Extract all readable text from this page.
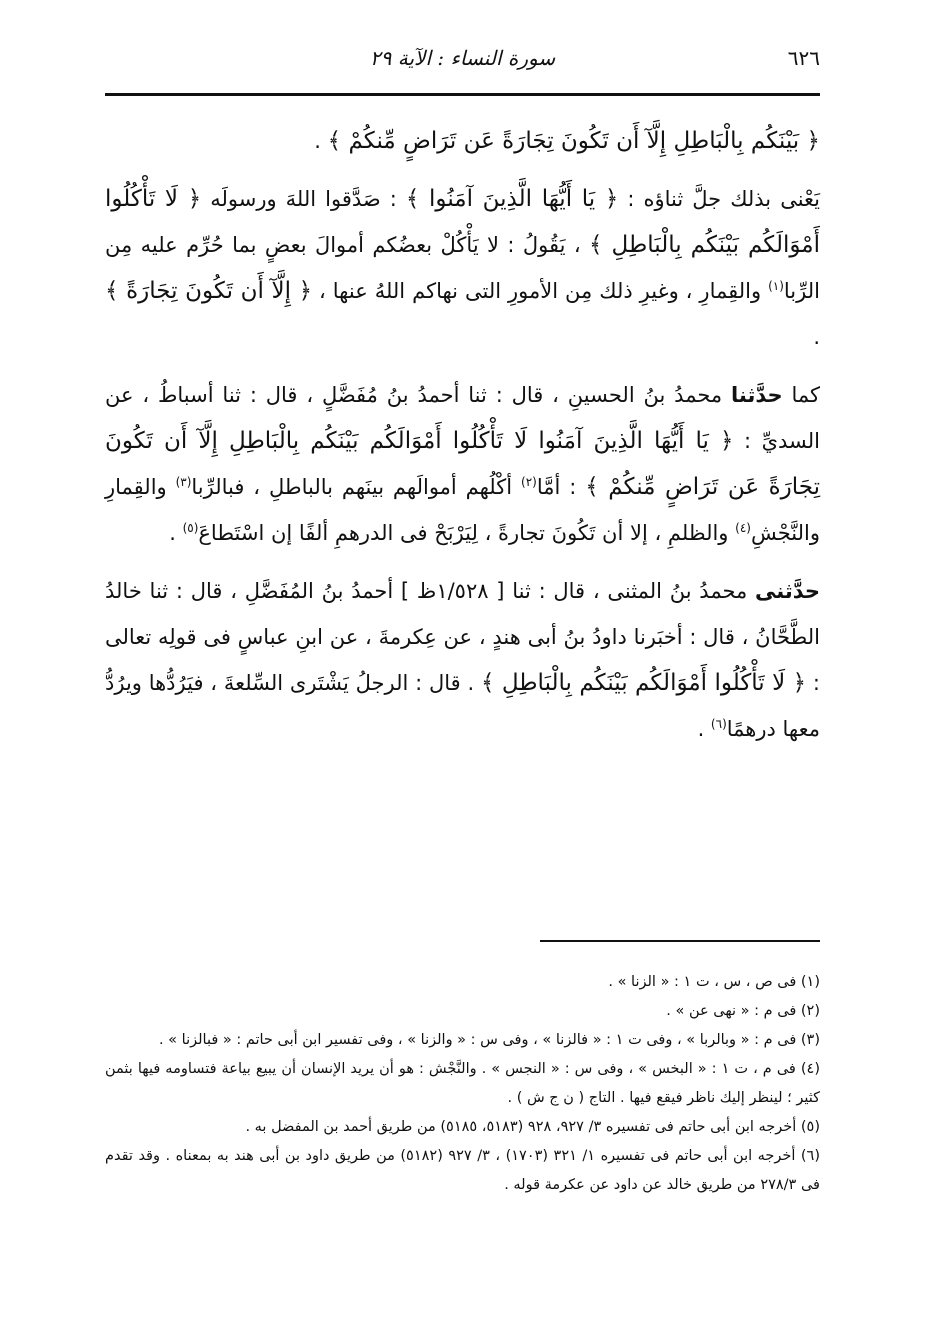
٦٢٦
سورة النساء : الآية ٢٩

﴿ بَيْنَكُم بِالْبَاطِلِ إِلَّآ أَن تَكُونَ تِجَارَةً عَن تَرَاضٍ مِّنكُمْ ﴾ .

يَعْنى بذلك جلَّ ثناؤه : ﴿ يَا أَيُّهَا الَّذِينَ آمَنُوا ﴾ : صَدَّقوا اللهَ ورسولَه ﴿ لَا تَأْكُلُوا أَمْوَالَكُم بَيْنَكُم بِالْبَاطِلِ ﴾ ، يَقُولُ : لا يَأْكُلْ بعضُكم أموالَ بعضٍ بما حُرِّم عليه مِن الرِّبا$^{(١)}$ والقِمارِ ، وغيرِ ذلك مِن الأمورِ التى نهاكم اللهُ عنها ، ﴿ إِلَّآ أَن تَكُونَ تِجَارَةً ﴾ .

كما حدَّثنا محمدُ بنُ الحسينِ ، قال : ثنا أحمدُ بنُ مُفَضَّلٍ ، قال : ثنا أسباطُ ، عن السديِّ : ﴿ يَا أَيُّهَا الَّذِينَ آمَنُوا لَا تَأْكُلُوا أَمْوَالَكُم بَيْنَكُم بِالْبَاطِلِ إِلَّآ أَن تَكُونَ تِجَارَةً عَن تَرَاضٍ مِّنكُمْ ﴾ : أمَّا$^{(٢)}$ أكْلُهم أموالَهم بينَهم بالباطلِ ، فبالرِّبا$^{(٣)}$ والقِمارِ والنَّجْشِ$^{(٤)}$ والظلمِ ، إلا أن تَكُونَ تجارةً ، لِيَرْبَحْ فى الدرهمِ ألفًا إن اسْتَطاعَ$^{(٥)}$ .

حدَّثنى محمدُ بنُ المثنى ، قال : ثنا [ ١/٥٢٨ظ ] أحمدُ بنُ المُفَضَّلِ ، قال : ثنا خالدُ الطَّحَّانُ ، قال : أخبَرنا داودُ بنُ أبى هندٍ ، عن عِكرمةَ ، عن ابنِ عباسٍ فى قولِه تعالى : ﴿ لَا تَأْكُلُوا أَمْوَالَكُم بَيْنَكُم بِالْبَاطِلِ ﴾ . قال : الرجلُ يَشْتَرى السِّلعةَ ، فيَرُدُّها ويرُدُّ معها درهمًا$^{(٦)}$ .

(١) فى ص ، س ، ت ١ : « الزنا » .

(٢) فى م : « نهى عن » .

(٣) فى م : « وبالربا » ، وفى ت ١ : « فالزنا » ، وفى س : « والزنا » ، وفى تفسير ابن أبى حاتم : « فبالزنا » .

(٤) فى م ، ت ١ : « البخس » ، وفى س : « النجس » . والنَّجْش : هو أن يريد الإنسان أن يبيع بياعة فتساومه فيها بثمن كثير ؛ لينظر إليك ناظر فيقع فيها . التاج ( ن ج ش ) .

(٥) أخرجه ابن أبى حاتم فى تفسيره ٣/ ٩٢٧، ٩٢٨ (٥١٨٣، ٥١٨٥) من طريق أحمد بن المفضل به .

(٦) أخرجه ابن أبى حاتم فى تفسيره ١/ ٣٢١ (١٧٠٣) ، ٣/ ٩٢٧ (٥١٨٢) من طريق داود بن أبى هند به بمعناه . وقد تقدم فى ٢٧٨/٣ من طريق خالد عن داود عن عكرمة قوله .
